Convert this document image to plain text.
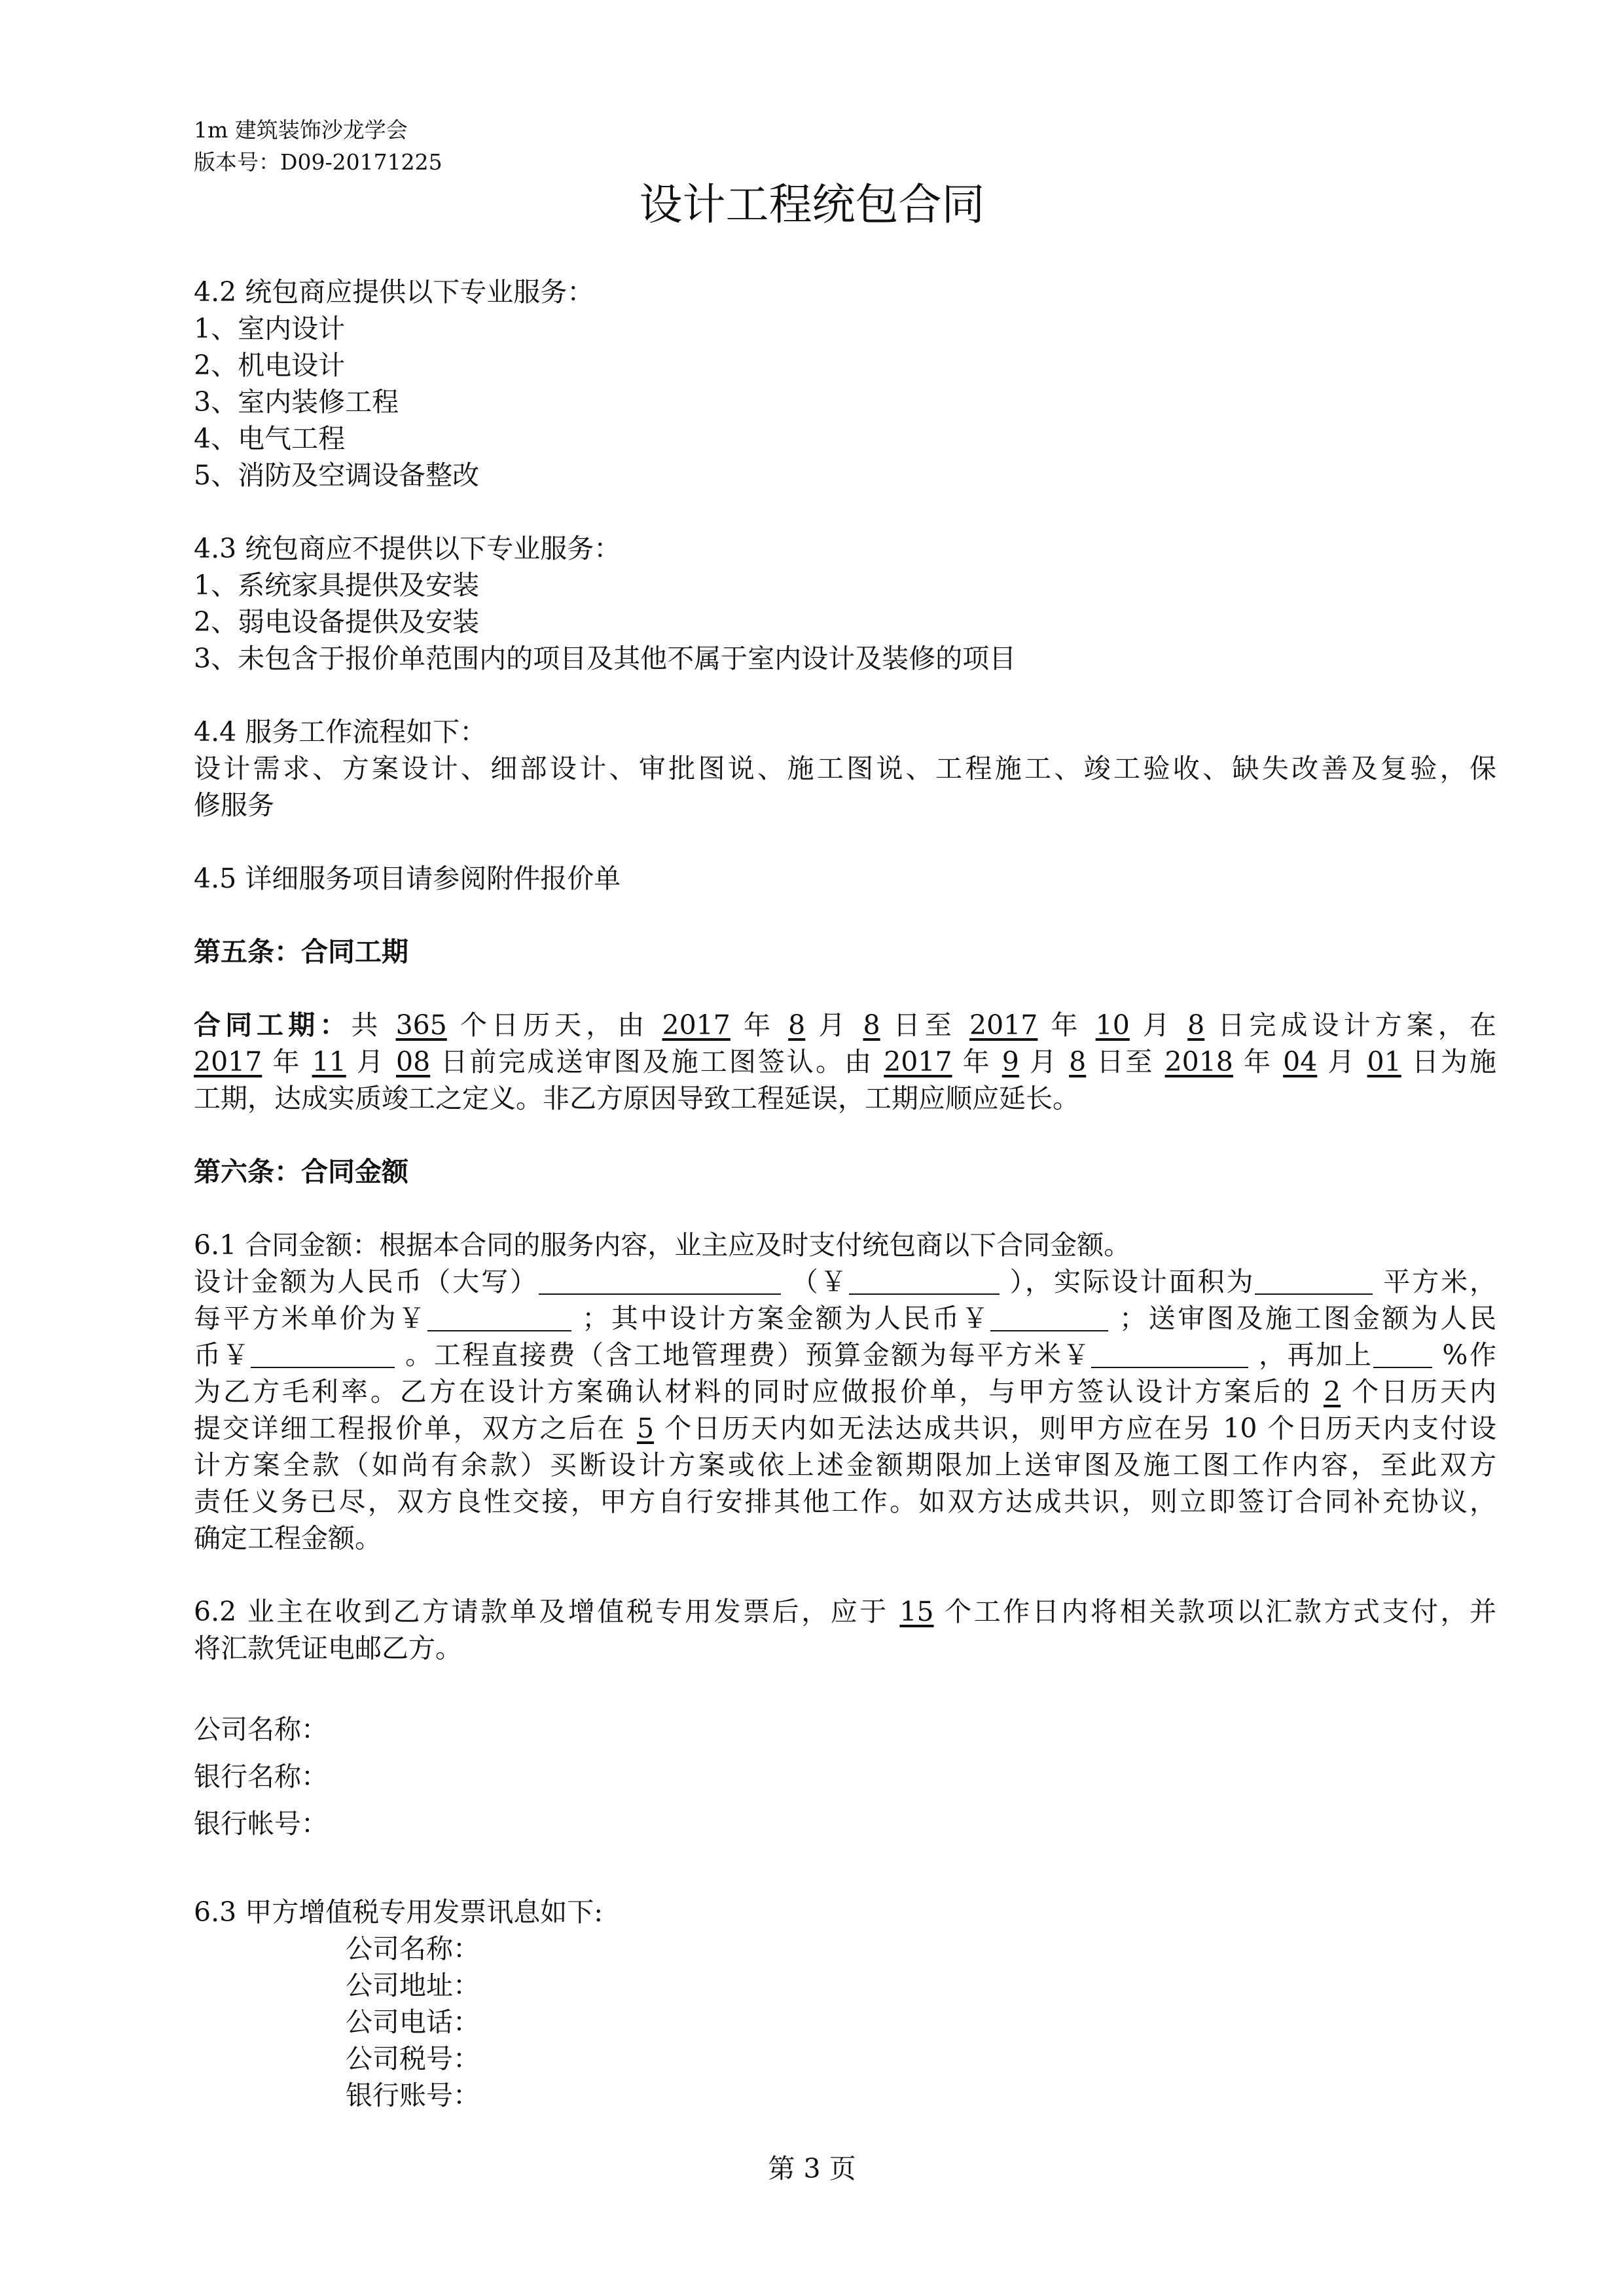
1m 建筑装饰沙龙学会
版本号：D09-20171225
设计工程统包合同
4.2 统包商应提供以下专业服务：
1、室内设计
2、机电设计
3、室内装修工程
4、电气工程
5、消防及空调设备整改
4.3 统包商应不提供以下专业服务：
1、系统家具提供及安装
2、弱电设备提供及安装
3、未包含于报价单范围内的项目及其他不属于室内设计及装修的项目
4.4 服务工作流程如下：
设计需求、方案设计、细部设计、审批图说、施工图说、工程施工、竣工验收、缺失改善及复验，保
修服务
4.5 详细服务项目请参阅附件报价单
第五条：合同工期
合同工期：共 365 个日历天，由 2017 年 8 月 8 日至 2017 年 10 月 8 日完成设计方案，在
2017 年 11 月 08 日前完成送审图及施工图签认。由 2017 年 9 月 8 日至 2018 年 04 月 01 日为施
工期，达成实质竣工之定义。非乙方原因导致工程延误，工期应顺应延长。
第六条：合同金额
6.1 合同金额：根据本合同的服务内容，业主应及时支付统包商以下合同金额。
设计金额为人民币（大写）	（￥	），实际设计面积为	平方米，
每平方米单价为￥	；其中设计方案金额为人民币￥	；送审图及施工图金额为人民
币￥	。工程直接费（含工地管理费）预算金额为每平方米￥	，再加上	%作
为乙方毛利率。乙方在设计方案确认材料的同时应做报价单，与甲方签认设计方案后的 2 个日历天内
提交详细工程报价单，双方之后在 5 个日历天内如无法达成共识，则甲方应在另 10 个日历天内支付设
计方案全款（如尚有余款）买断设计方案或依上述金额期限加上送审图及施工图工作内容，至此双方
责任义务已尽，双方良性交接，甲方自行安排其他工作。如双方达成共识，则立即签订合同补充协议，
确定工程金额。
6.2 业主在收到乙方请款单及增值税专用发票后，应于 15 个工作日内将相关款项以汇款方式支付，并
将汇款凭证电邮乙方。
公司名称：
银行名称：
银行帐号：
6.3 甲方增值税专用发票讯息如下:
公司名称：
公司地址：
公司电话：
公司税号：
银行账号：
第 3 页
